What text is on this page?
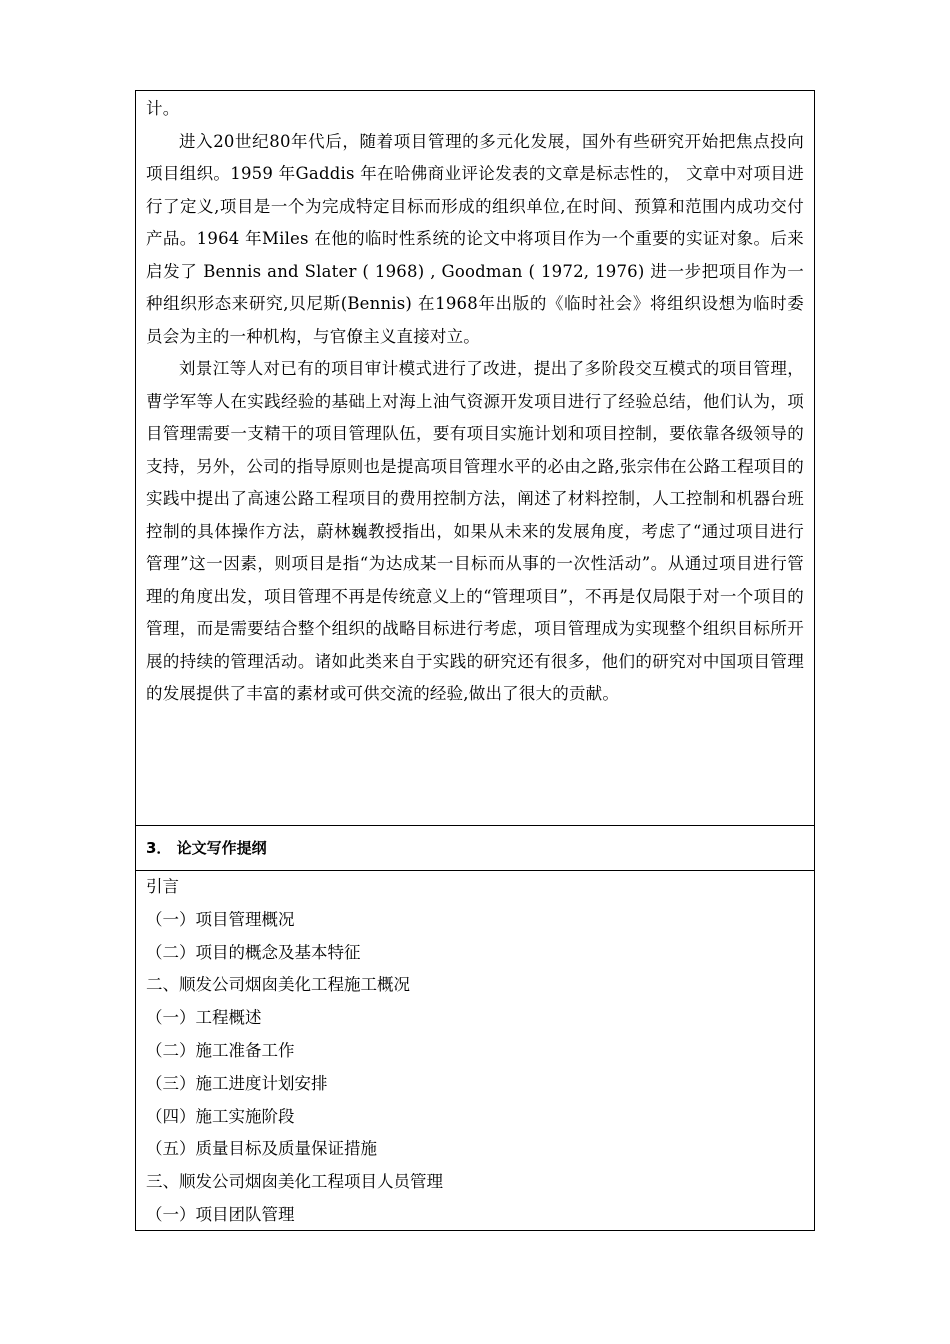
计。

进入20世纪80年代后，随着项目管理的多元化发展，国外有些研究开始把焦点投向项目组织。1959 年Gaddis 年在哈佛商业评论发表的文章是标志性的， 文章中对项目进行了定义,项目是一个为完成特定目标而形成的组织单位,在时间、预算和范围内成功交付产品。1964 年Miles 在他的临时性系统的论文中将项目作为一个重要的实证对象。后来启发了 Bennis and Slater ( 1968) , Goodman ( 1972, 1976) 进一步把项目作为一种组织形态来研究,贝尼斯(Bennis) 在1968年出版的《临时社会》将组织设想为临时委员会为主的一种机构，与官僚主义直接对立。

刘景江等人对已有的项目审计模式进行了改进，提出了多阶段交互模式的项目管理，曹学军等人在实践经验的基础上对海上油气资源开发项目进行了经验总结，他们认为，项目管理需要一支精干的项目管理队伍，要有项目实施计划和项目控制，要依靠各级领导的支持，另外，公司的指导原则也是提高项目管理水平的必由之路,张宗伟在公路工程项目的实践中提出了高速公路工程项目的费用控制方法，阐述了材料控制，人工控制和机器台班控制的具体操作方法，蔚林巍教授指出，如果从未来的发展角度，考虑了“通过项目进行管理”这一因素，则项目是指“为达成某一目标而从事的一次性活动”。从通过项目进行管理的角度出发，项目管理不再是传统意义上的“管理项目”，不再是仅局限于对一个项目的管理，而是需要结合整个组织的战略目标进行考虑，项目管理成为实现整个组织目标所开展的持续的管理活动。诸如此类来自于实践的研究还有很多，他们的研究对中国项目管理的发展提供了丰富的素材或可供交流的经验,做出了很大的贡献。

3． 论文写作提纲
引言
（一）项目管理概况
（二）项目的概念及基本特征
二、顺发公司烟囱美化工程施工概况
（一）工程概述
（二）施工准备工作
（三）施工进度计划安排
（四）施工实施阶段
（五）质量目标及质量保证措施
三、顺发公司烟囱美化工程项目人员管理
（一）项目团队管理
